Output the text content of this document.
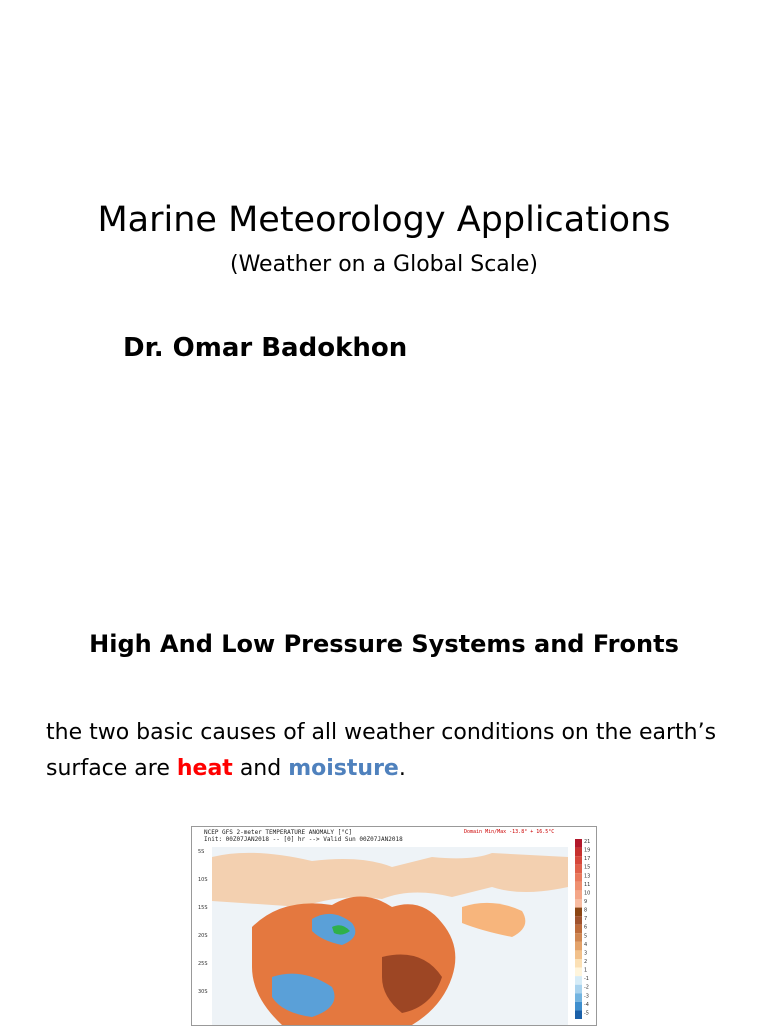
Marine Meteorology Applications

(Weather on a Global Scale)

Dr. Omar Badokhon

High And Low Pressure Systems and Fronts

the two basic causes of all weather conditions on the earth’s surface are heat and moisture.

5S
10S
15S
20S
25S
30S
21
19
17
15
13
11
10
9
8
7
6
5
4
3
2
1
-1
-2
-3
-4
-5
NCEP GFS 2-meter TEMPERATURE ANOMALY [°C]
Init: 00Z07JAN2018 -- [0] hr --> Valid Sun 00Z07JAN2018
Domain Min/Max -13.8° + 16.5°C
